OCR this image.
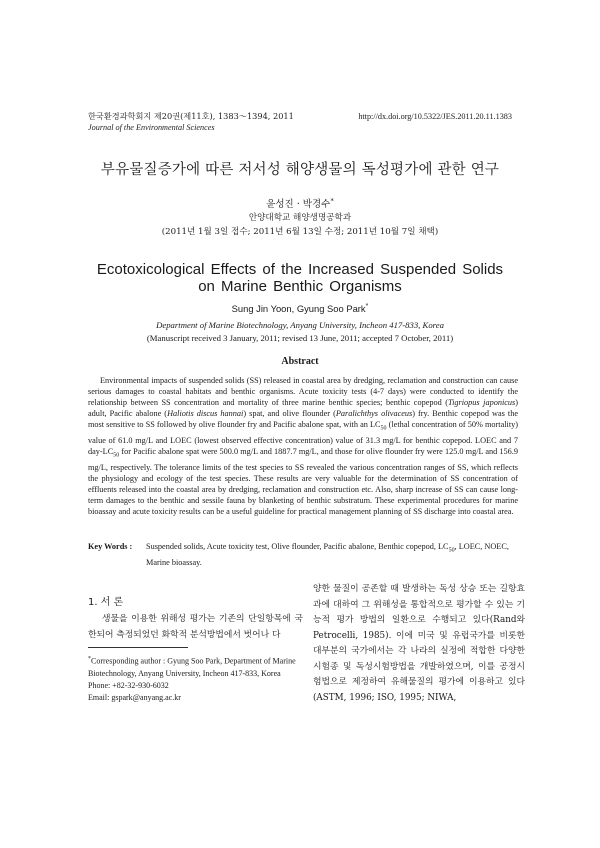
한국환경과학회지 제20권(제11호), 1383～1394, 2011
Journal of the Environmental Sciences
http://dx.doi.org/10.5322/JES.2011.20.11.1383
부유물질증가에 따른 저서성 해양생물의 독성평가에 관한 연구
윤성진 · 박경수*
안양대학교 해양생명공학과
(2011년 1월 3일 접수; 2011년 6월 13일 수정; 2011년 10월 7일 채택)
Ecotoxicological Effects of the Increased Suspended Solids
on Marine Benthic Organisms
Sung Jin Yoon, Gyung Soo Park*
Department of Marine Biotechnology, Anyang University, Incheon 417-833, Korea
(Manuscript received 3 January, 2011; revised 13 June, 2011; accepted 7 October, 2011)
Abstract
Environmental impacts of suspended solids (SS) released in coastal area by dredging, reclamation and construction can cause serious damages to coastal habitats and benthic organisms. Acute toxicity tests (4-7 days) were conducted to identify the relationship between SS concentration and mortality of three marine benthic species; benthic copepod (Tigriopus japonicus) adult, Pacific abalone (Haliotis discus hannai) spat, and olive flounder (Paralichthys olivaceus) fry. Benthic copepod was the most sensitive to SS followed by olive flounder fry and Pacific abalone spat, with an $LC_{50}$ (lethal concentration of 50% mortality) value of 61.0 mg/L and LOEC (lowest observed effective concentration) value of 31.3 mg/L for benthic copepod. LOEC and 7 day-$LC_{50}$ for Pacific abalone spat were 500.0 mg/L and 1887.7 mg/L, and those for olive flounder fry were 125.0 mg/L and 156.9 mg/L, respectively. The tolerance limits of the test species to SS revealed the various concentration ranges of SS, which reflects the physiology and ecology of the test species. These results are very valuable for the determination of SS concentration of effluents released into the coastal area by dredging, reclamation and construction etc. Also, sharp increase of SS can cause long-term damages to the benthic and sessile fauna by blanketing of benthic substratum. These experimental procedures for marine bioassay and acute toxicity results can be a useful guideline for practical management planning of SS discharge into coastal area.
Key Words : Suspended solids, Acute toxicity test, Olive flounder, Pacific abalone, Benthic copepod, $LC_{50}$, LOEC, NOEC, Marine bioassay.
1. 서 론

생물을 이용한 위해성 평가는 기존의 단일항목에 국한되어 측정되었던 화학적 분석방법에서 벗어나 다

*Corresponding author : Gyung Soo Park, Department of Marine Biotechnology, Anyang University, Incheon 417-833, Korea
Phone: +82-32-930-6032
Email: gspark@anyang.ac.kr

양한 물질이 공존할 때 발생하는 독성 상승 또는 길항효과에 대하여 그 위해성을 통합적으로 평가할 수 있는 기능적 평가 방법의 일환으로 수행되고 있다(Rand와 Petrocelli, 1985). 이에 미국 및 유럽국가를 비롯한 대부분의 국가에서는 각 나라의 실정에 적합한 다양한 시험종 및 독성시험방법을 개발하였으며, 이를 공정시험법으로 제정하여 유해물질의 평가에 이용하고 있다(ASTM, 1996; ISO, 1995; NIWA,
